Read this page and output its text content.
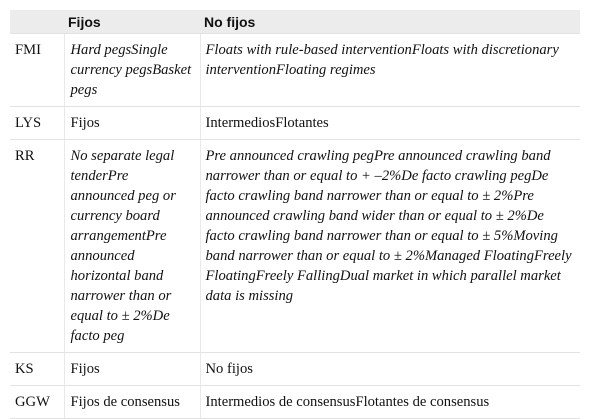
	Fijos	No fijos
FMI	Hard pegsSingle currency pegsBasket pegs	Floats with rule-based interventionFloats with discretionary interventionFloating regimes
LYS	Fijos	IntermediosFlotantes
RR	No separate legal tenderPre announced peg or currency board arrangementPre announced horizontal band narrower than or equal to ± 2%De facto peg	Pre announced crawling pegPre announced crawling band narrower than or equal to + –2%De facto crawling pegDe facto crawling band narrower than or equal to ± 2%Pre announced crawling band wider than or equal to ± 2%De facto crawling band narrower than or equal to ± 5%Moving band narrower than or equal to ± 2%Managed FloatingFreely FloatingFreely FallingDual market in which parallel market data is missing
KS	Fijos	No fijos
GGW	Fijos de consensus	Intermedios de consensusFlotantes de consensus
